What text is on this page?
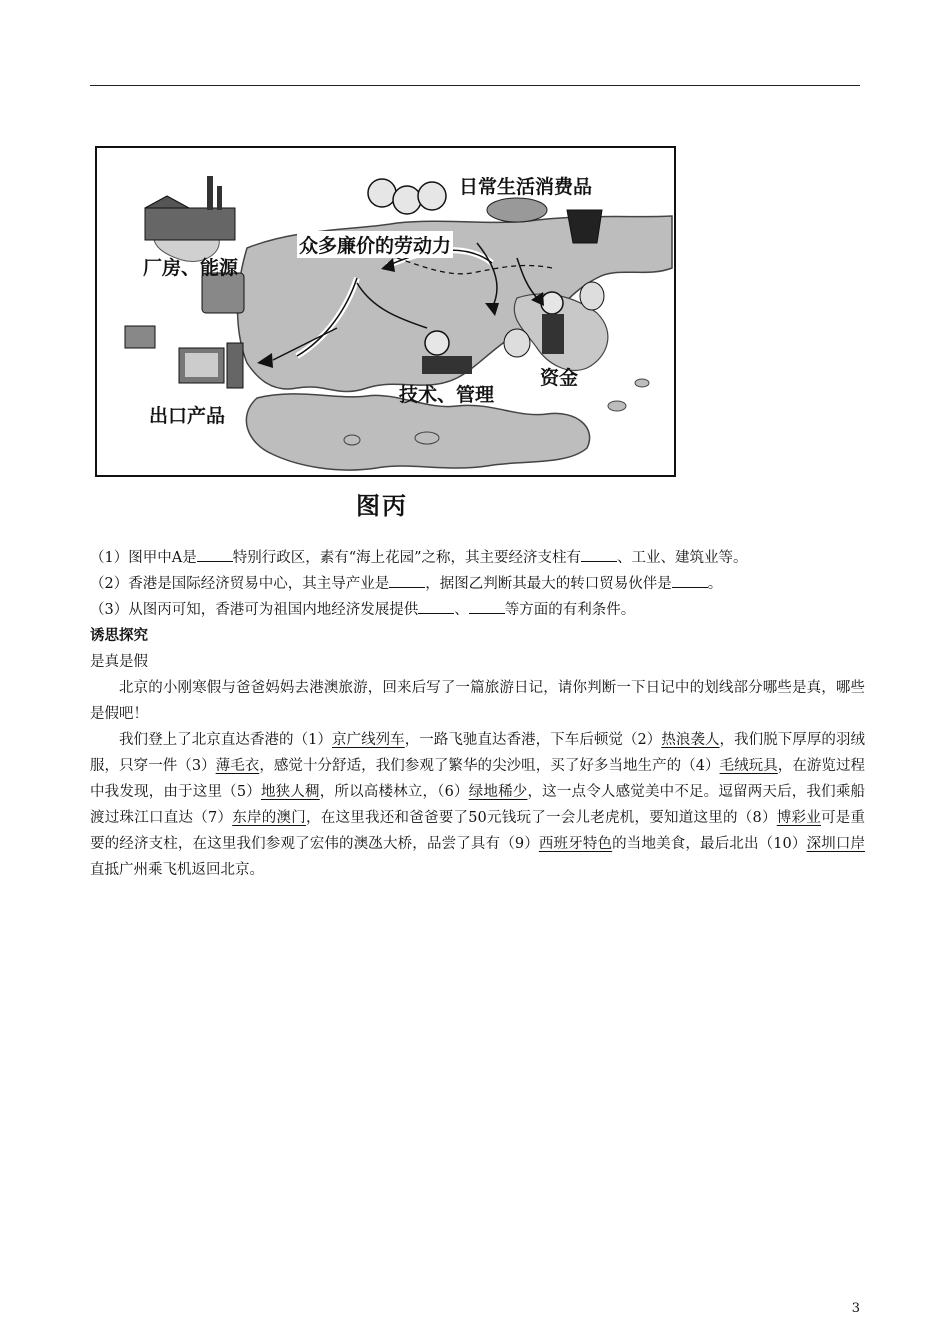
日常生活消费品
众多廉价的劳动力
厂房、能源
出口产品
技术、管理
资金
图丙
（1）图甲中A是 特别行政区，素有“海上花园”之称，其主要经济支柱有 、工业、建筑业等。
（2）香港是国际经济贸易中心，其主导产业是 ，据图乙判断其最大的转口贸易伙伴是 。
（3）从图丙可知，香港可为祖国内地经济发展提供 、 等方面的有利条件。
诱思探究
是真是假
北京的小刚寒假与爸爸妈妈去港澳旅游，回来后写了一篇旅游日记，请你判断一下日记中的划线部分哪些是真，哪些是假吧！
我们登上了北京直达香港的（1）京广线列车，一路飞驰直达香港，下车后顿觉（2）热浪袭人，我们脱下厚厚的羽绒服，只穿一件（3）薄毛衣，感觉十分舒适，我们参观了繁华的尖沙咀，买了好多当地生产的（4）毛绒玩具，在游览过程中我发现，由于这里（5）地狭人稠，所以高楼林立，（6）绿地稀少，这一点令人感觉美中不足。逗留两天后，我们乘船渡过珠江口直达（7）东岸的澳门，在这里我还和爸爸要了50元钱玩了一会儿老虎机，要知道这里的（8）博彩业可是重要的经济支柱，在这里我们参观了宏伟的澳氹大桥，品尝了具有（9）西班牙特色的当地美食，最后北出（10）深圳口岸直抵广州乘飞机返回北京。
3
